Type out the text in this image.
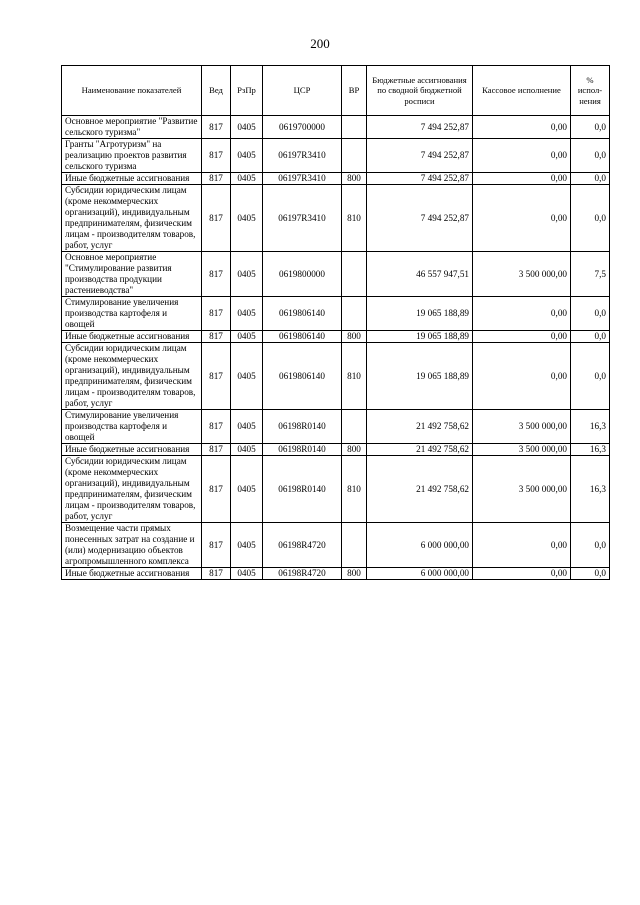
200
Наименование показателей	Вед	РзПр	ЦСР	ВР	Бюджетные ассигнования по сводной бюджетной росписи	Кассовое исполнение	% испол-нения
Основное мероприятие "Развитие сельского туризма"	817	0405	0619700000		7 494 252,87	0,00	0,0
Гранты "Агротуризм" на реализацию проектов развития сельского туризма	817	0405	06197R3410		7 494 252,87	0,00	0,0
Иные бюджетные ассигнования	817	0405	06197R3410	800	7 494 252,87	0,00	0,0
Субсидии юридическим лицам (кроме некоммерческих организаций), индивидуальным предпринимателям, физическим лицам - производителям товаров, работ, услуг	817	0405	06197R3410	810	7 494 252,87	0,00	0,0
Основное мероприятие "Стимулирование развития производства продукции растениеводства"	817	0405	0619800000		46 557 947,51	3 500 000,00	7,5
Стимулирование увеличения производства картофеля и овощей	817	0405	0619806140		19 065 188,89	0,00	0,0
Иные бюджетные ассигнования	817	0405	0619806140	800	19 065 188,89	0,00	0,0
Субсидии юридическим лицам (кроме некоммерческих организаций), индивидуальным предпринимателям, физическим лицам - производителям товаров, работ, услуг	817	0405	0619806140	810	19 065 188,89	0,00	0,0
Стимулирование увеличения производства картофеля и овощей	817	0405	06198R0140		21 492 758,62	3 500 000,00	16,3
Иные бюджетные ассигнования	817	0405	06198R0140	800	21 492 758,62	3 500 000,00	16,3
Субсидии юридическим лицам (кроме некоммерческих организаций), индивидуальным предпринимателям, физическим лицам - производителям товаров, работ, услуг	817	0405	06198R0140	810	21 492 758,62	3 500 000,00	16,3
Возмещение части прямых понесенных затрат на создание и (или) модернизацию объектов агропромышленного комплекса	817	0405	06198R4720		6 000 000,00	0,00	0,0
Иные бюджетные ассигнования	817	0405	06198R4720	800	6 000 000,00	0,00	0,0
